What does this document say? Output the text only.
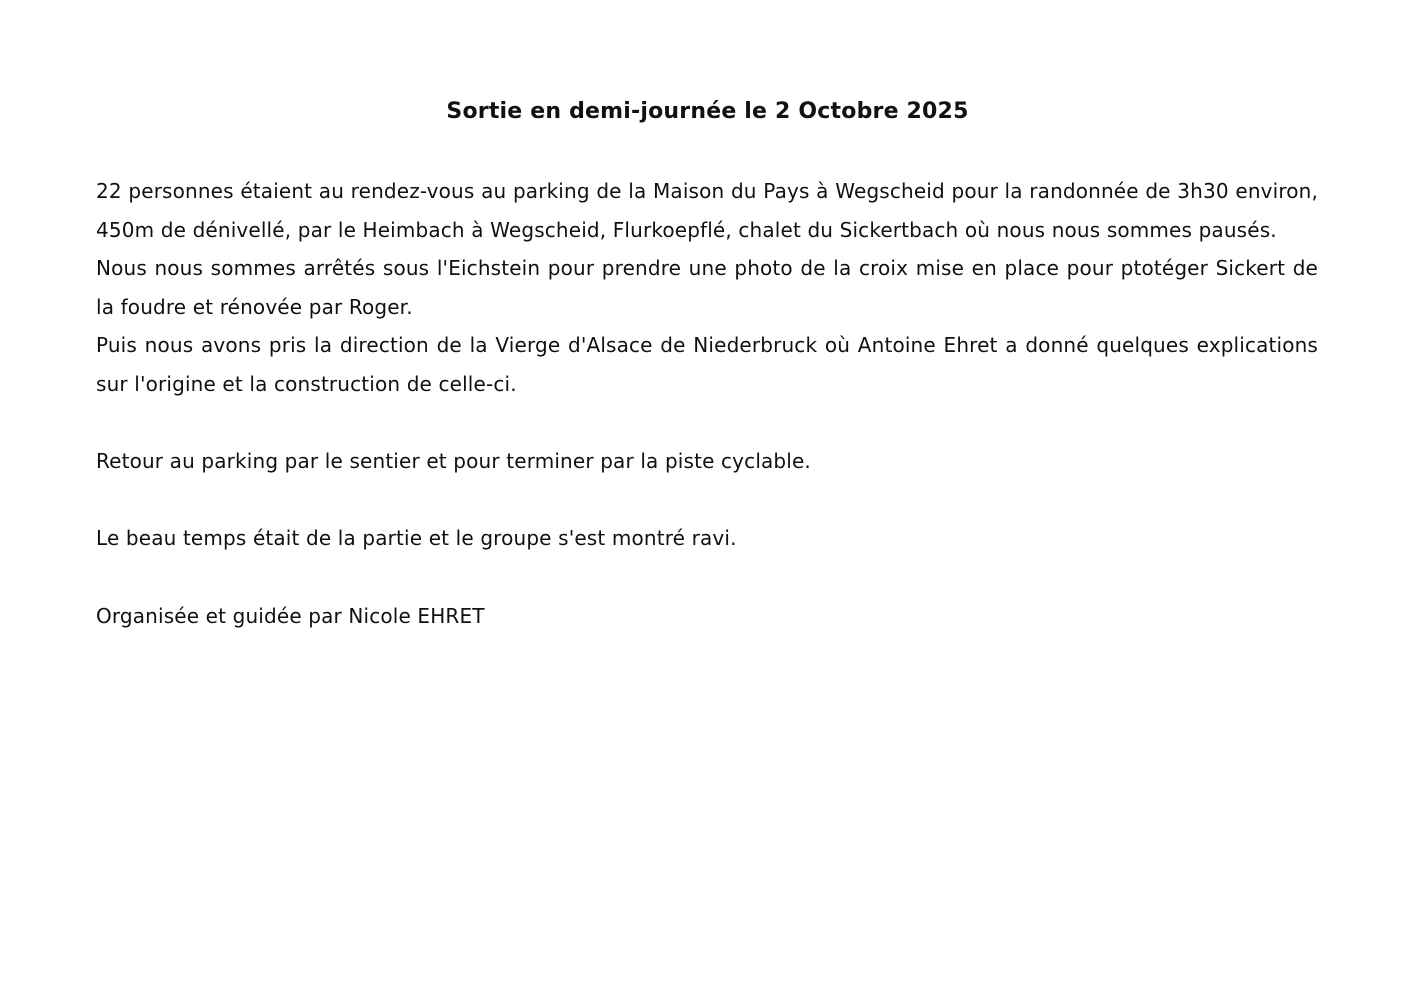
Sortie en demi-journée le 2 Octobre 2025

22 personnes étaient au rendez-vous au parking de la Maison du Pays à Wegscheid pour la randonnée de 3h30 environ, 450m de dénivellé, par le Heimbach à Wegscheid, Flurkoepflé, chalet du Sickertbach où nous nous sommes pausés.

Nous nous sommes arrêtés sous l'Eichstein pour prendre une photo de la croix mise en place pour ptotéger Sickert de la foudre et rénovée par Roger.

Puis nous avons pris la direction de la Vierge d'Alsace de Niederbruck où Antoine Ehret a donné quelques explications sur l'origine et la construction de celle-ci.

Retour au parking par le sentier et pour terminer par la piste cyclable.

Le beau temps était de la partie et le groupe s'est montré ravi.

Organisée et guidée par Nicole EHRET
